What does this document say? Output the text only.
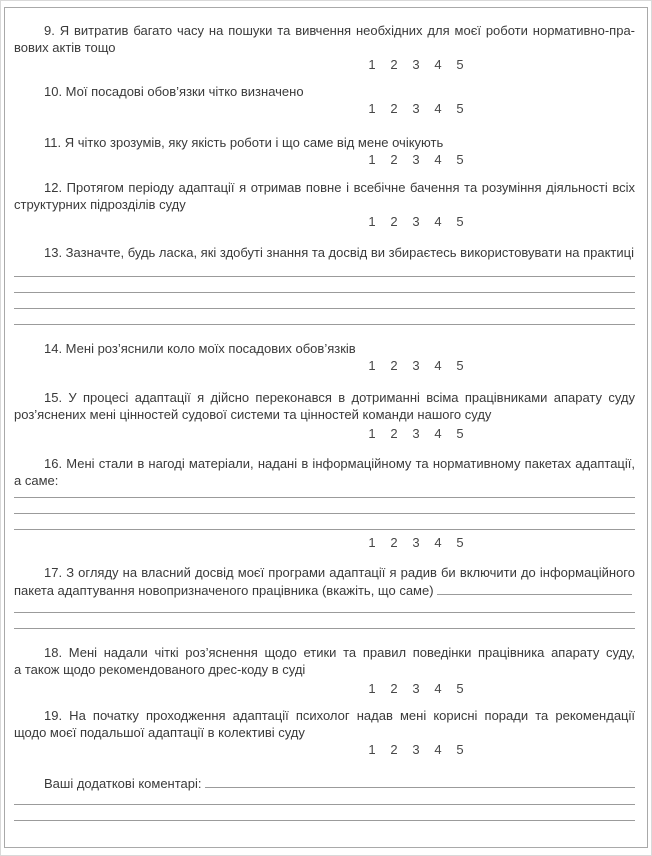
9. Я витратив багато часу на пошуки та вивчення необхідних для моєї роботи нормативно-пра-
вових актів тощо
1 2 3 4 5
10. Мої посадові обов’язки чітко визначено
1 2 3 4 5
11. Я чітко зрозумів, яку якість роботи і що саме від мене очікують
1 2 3 4 5
12. Протягом періоду адаптації я отримав повне і всебічне бачення та розуміння діяльності всіх
структурних підрозділів суду
1 2 3 4 5
13. Зазначте, будь ласка, які здобуті знання та досвід ви збираєтесь використовувати на практиці
14. Мені роз’яснили коло моїх посадових обов’язків
1 2 3 4 5
15. У процесі адаптації я дійсно переконався в дотриманні всіма працівниками апарату суду
роз’яснених мені цінностей судової системи та цінностей команди нашого суду
1 2 3 4 5
16. Мені стали в нагоді матеріали, надані в інформаційному та нормативному пакетах адаптації,
а саме:
1 2 3 4 5
17. З огляду на власний досвід моєї програми адаптації я радив би включити до інформаційного
пакета адаптування новопризначеного працівника (вкажіть, що саме)
18. Мені надали чіткі роз’яснення щодо етики та правил поведінки працівника апарату суду,
а також щодо рекомендованого дрес-коду в суді
1 2 3 4 5
19. На початку проходження адаптації психолог надав мені корисні поради та рекомендації
щодо моєї подальшої адаптації в колективі суду
1 2 3 4 5
Ваші додаткові коментарі:
